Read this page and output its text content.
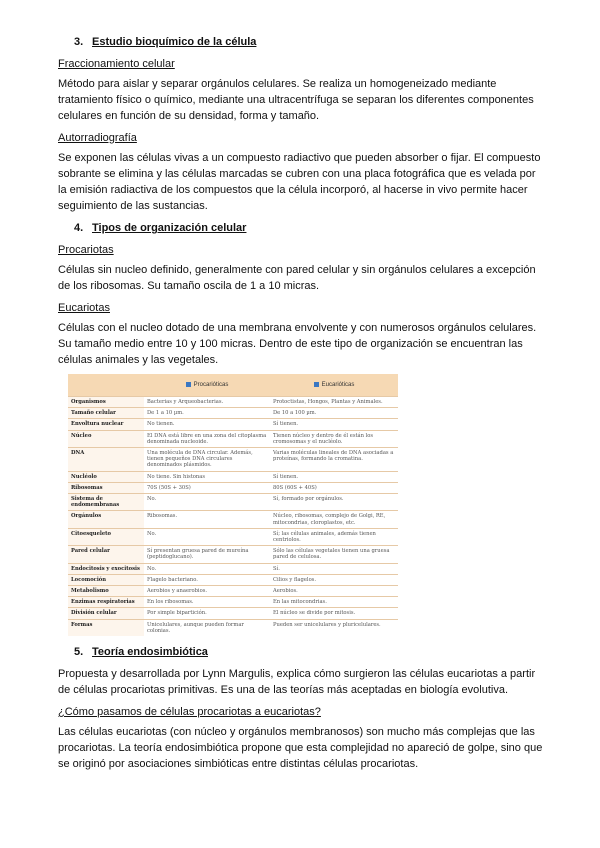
3. Estudio bioquímico de la célula
Fraccionamiento celular

Método para aislar y separar orgánulos celulares. Se realiza un homogeneizado mediante tratamiento físico o químico, mediante una ultracentrífuga se separan los diferentes componentes celulares en función de su densidad, forma y tamaño.

Autorradiografía

Se exponen las células vivas a un compuesto radiactivo que pueden absorber o fijar. El compuesto sobrante se elimina y las células marcadas se cubren con una placa fotográfica que es velada por la emisión radiactiva de los compuestos que la célula incorporó, al hacerse in vivo permite hacer seguimiento de las sustancias.

4. Tipos de organización celular
Procariotas

Células sin nucleo definido, generalmente con pared celular y sin orgánulos celulares a excepción de los ribosomas. Su tamaño oscila de 1 a 10 micras.

Eucariotas

Células con el nucleo dotado de una membrana envolvente y con numerosos orgánulos celulares. Su tamaño medio entre 10 y 100 micras. Dentro de este tipo de organización se encuentran las células animales y las vegetales.

	Procarióticas	Eucarióticas
Organismos	Bacterias y Arqueobacterias.	Protoctistas, Hongos, Plantas y Animales.
Tamaño celular	De 1 a 10 µm.	De 10 a 100 µm.
Envoltura nuclear	No tienen.	Sí tienen.
Núcleo	El DNA está libre en una zona del citoplasma denominada nucleoide.	Tienen núcleo y dentro de él están los cromosomas y el nucléolo.
DNA	Una molécula de DNA circular. Además, tienen pequeños DNA circulares denominados plásmidos.	Varias moléculas lineales de DNA asociadas a proteínas, formando la cromatina.
Nucléolo	No tiene. Sin histonas	Sí tienen.
Ribosomas	70S (50S + 30S)	80S (60S + 40S)
Sistema de endomembranas	No.	Sí, formado por orgánulos.
Orgánulos	Ribosomas.	Núcleo, ribosomas, complejo de Golgi, RE, mitocondrias, cloroplastos, etc.
Citoesqueleto	No.	Sí; las células animales, además tienen centriolos.
Pared celular	Sí presentan gruesa pared de mureína (peptidoglucano).	Sólo las células vegetales tienen una gruesa pared de celulosa.
Endocitosis y exocitosis	No.	Sí.
Locomoción	Flagelo bacteriano.	Cilios y flagelos.
Metabolismo	Aerobios y anaerobios.	Aerobios.
Enzimas respiratorias	En los ribosomas.	En las mitocondrias.
División celular	Por simple bipartición.	El núcleo se divide por mitosis.
Formas	Unicelulares, aunque pueden formar colonias.	Pueden ser unicelulares y pluricelulares.
5. Teoría endosimbiótica

Propuesta y desarrollada por Lynn Margulis, explica cómo surgieron las células eucariotas a partir de células procariotas primitivas. Es una de las teorías más aceptadas en biología evolutiva.

¿Cómo pasamos de células procariotas a eucariotas?

Las células eucariotas (con núcleo y orgánulos membranosos) son mucho más complejas que las procariotas. La teoría endosimbiótica propone que esta complejidad no apareció de golpe, sino que se originó por asociaciones simbióticas entre distintas células procariotas.
